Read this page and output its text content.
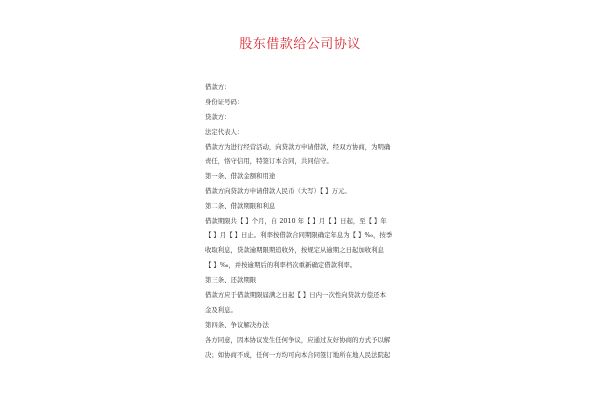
股东借款给公司协议
借款方：
身份证号码：
贷款方：
法定代表人：
借款方为进行经营活动，向贷款方申请借款，经双方协商，为明确
责任，恪守信用，特签订本合同，共同信守。
第一条、借款金额和用途
借款方向贷款方申请借款人民币（大写）【 】万元。
第二条、借款期限和利息
借款期限共【 】个月，自 2010 年【 】月【 】日起，至【 】年
【 】月【 】日止。利率按借款合同期限确定年息为【 】‰，按季
收取利息，贷款逾期限期追收外，按规定从逾期之日起加收利息
【 】‰，并按逾期后的利率档次重新确定借款利率。
第三条、还款期限
借款方应于借款期限届满之日起【 】日内一次性向贷款方偿还本
金及利息。
第四条、争议解决办法
各方同意，因本协议发生任何争议，应通过友好协商的方式予以解
决；如协商不成，任何一方均可向本合同签订地所在地人民法院起
